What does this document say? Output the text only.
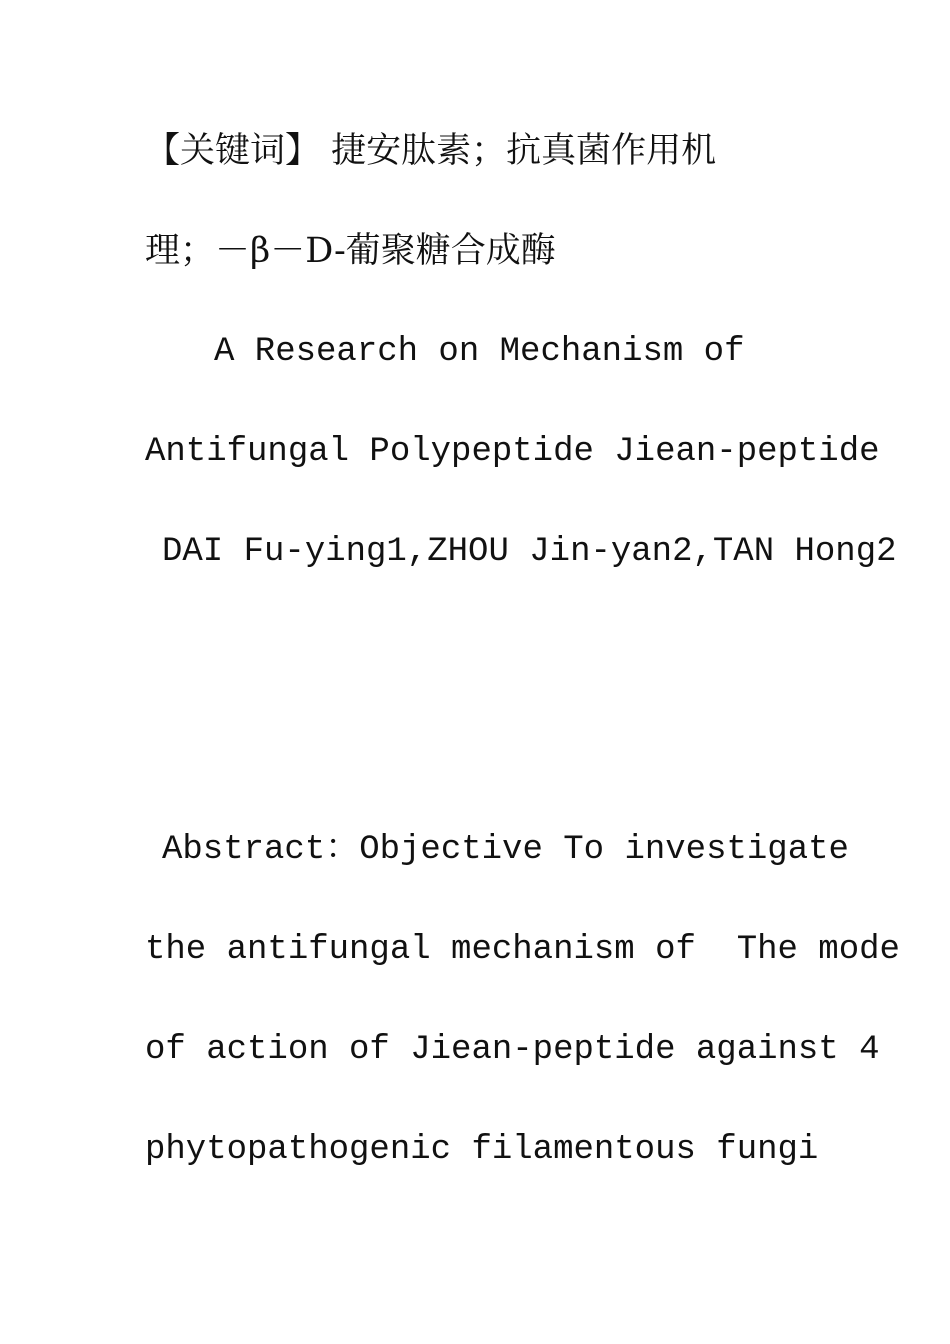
【关键词】 捷安肽素；抗真菌作用机

理；－β－D-葡聚糖合成酶

A Research on Mechanism of

Antifungal Polypeptide Jiean-peptide

DAI Fu-ying1,ZHOU Jin-yan2,TAN Hong2

Abstract：Objective To investigate

the antifungal mechanism of  The mode

of action of Jiean-peptide against 4

phytopathogenic filamentous fungi
